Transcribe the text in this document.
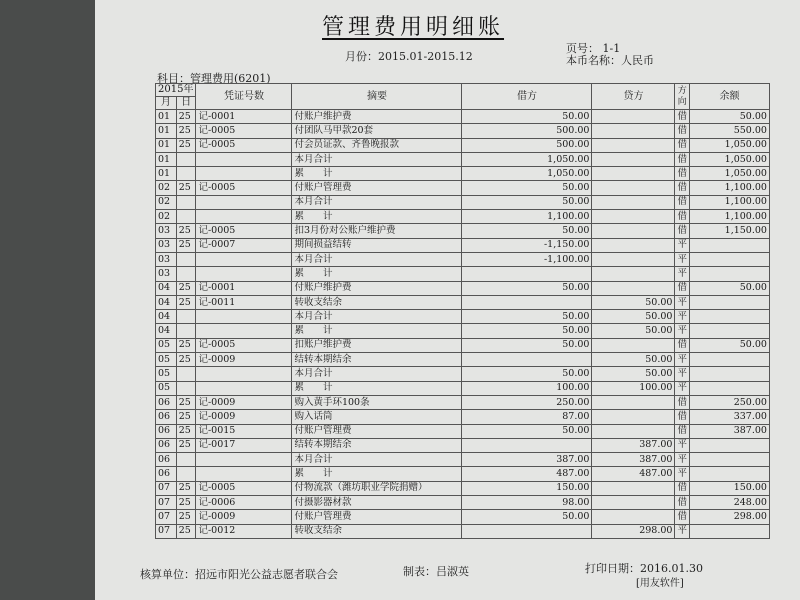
管理费用明细账
月份：2015.01-2015.12
页号： 1-1
本币名称：人民币
科目：管理费用(6201)
2015年		凭证号数	摘要	借方	贷方	方向	余额
月	日						
01	25	记-0001	付账户维护费	50.00		借	50.00
01	25	记-0005	付团队马甲款20套	500.00		借	550.00
01	25	记-0005	付会员证款、齐鲁晚报款	500.00		借	1,050.00
01			本月合计	1,050.00		借	1,050.00
01			累　　计	1,050.00		借	1,050.00
02	25	记-0005	付账户管理费	50.00		借	1,100.00
02			本月合计	50.00		借	1,100.00
02			累　　计	1,100.00		借	1,100.00
03	25	记-0005	扣3月份对公账户维护费	50.00		借	1,150.00
03	25	记-0007	期间损益结转	-1,150.00		平	
03			本月合计	-1,100.00		平	
03			累　　计			平	
04	25	记-0001	付账户维护费	50.00		借	50.00
04	25	记-0011	转收支结余		50.00	平	
04			本月合计	50.00	50.00	平	
04			累　　计	50.00	50.00	平	
05	25	记-0005	扣账户维护费	50.00		借	50.00
05	25	记-0009	结转本期结余		50.00	平	
05			本月合计	50.00	50.00	平	
05			累　　计	100.00	100.00	平	
06	25	记-0009	购入黄手环100条	250.00		借	250.00
06	25	记-0009	购入话筒	87.00		借	337.00
06	25	记-0015	付账户管理费	50.00		借	387.00
06	25	记-0017	结转本期结余		387.00	平	
06			本月合计	387.00	387.00	平	
06			累　　计	487.00	487.00	平	
07	25	记-0005	付物流款（潍坊职业学院捐赠）	150.00		借	150.00
07	25	记-0006	付摄影器材款	98.00		借	248.00
07	25	记-0009	付账户管理费	50.00		借	298.00
07	25	记-0012	转收支结余		298.00	平	
核算单位：招远市阳光公益志愿者联合会	制表：吕淑英	打印日期：2016.01.30
[用友软件]
